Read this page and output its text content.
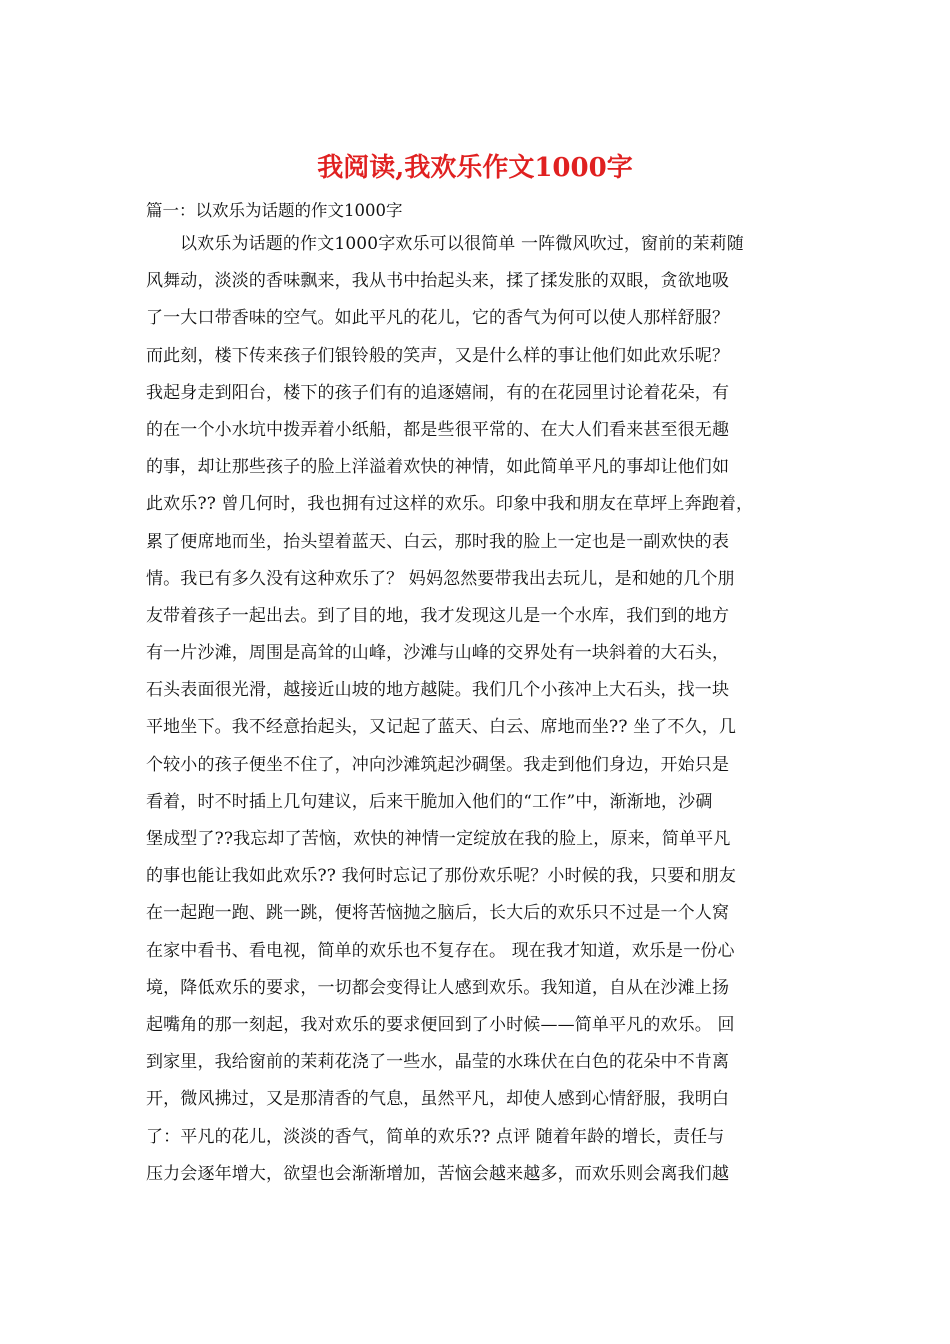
我阅读,我欢乐作文1000字
篇一：以欢乐为话题的作文1000字
以欢乐为话题的作文1000字欢乐可以很简单 一阵微风吹过，窗前的茉莉随
风舞动，淡淡的香味飘来，我从书中抬起头来，揉了揉发胀的双眼，贪欲地吸
了一大口带香味的空气。如此平凡的花儿，它的香气为何可以使人那样舒服？
而此刻，楼下传来孩子们银铃般的笑声，又是什么样的事让他们如此欢乐呢？
我起身走到阳台，楼下的孩子们有的追逐嬉闹，有的在花园里讨论着花朵，有
的在一个小水坑中拨弄着小纸船，都是些很平常的、在大人们看来甚至很无趣
的事，却让那些孩子的脸上洋溢着欢快的神情，如此简单平凡的事却让他们如
此欢乐?? 曾几何时，我也拥有过这样的欢乐。印象中我和朋友在草坪上奔跑着，
累了便席地而坐，抬头望着蓝天、白云，那时我的脸上一定也是一副欢快的表
情。我已有多久没有这种欢乐了？ 妈妈忽然要带我出去玩儿，是和她的几个朋
友带着孩子一起出去。到了目的地，我才发现这儿是一个水库，我们到的地方
有一片沙滩，周围是高耸的山峰，沙滩与山峰的交界处有一块斜着的大石头，
石头表面很光滑，越接近山坡的地方越陡。我们几个小孩冲上大石头，找一块
平地坐下。我不经意抬起头，又记起了蓝天、白云、席地而坐?? 坐了不久，几
个较小的孩子便坐不住了，冲向沙滩筑起沙碉堡。我走到他们身边，开始只是
看着，时不时插上几句建议，后来干脆加入他们的“工作”中，渐渐地，沙碉
堡成型了??我忘却了苦恼，欢快的神情一定绽放在我的脸上，原来，简单平凡
的事也能让我如此欢乐?? 我何时忘记了那份欢乐呢？小时候的我，只要和朋友
在一起跑一跑、跳一跳，便将苦恼抛之脑后，长大后的欢乐只不过是一个人窝
在家中看书、看电视，简单的欢乐也不复存在。 现在我才知道，欢乐是一份心
境，降低欢乐的要求，一切都会变得让人感到欢乐。我知道，自从在沙滩上扬
起嘴角的那一刻起，我对欢乐的要求便回到了小时候——简单平凡的欢乐。 回
到家里，我给窗前的茉莉花浇了一些水，晶莹的水珠伏在白色的花朵中不肯离
开，微风拂过，又是那清香的气息，虽然平凡，却使人感到心情舒服，我明白
了：平凡的花儿，淡淡的香气，简单的欢乐?? 点评 随着年龄的增长，责任与
压力会逐年增大，欲望也会渐渐增加，苦恼会越来越多，而欢乐则会离我们越
